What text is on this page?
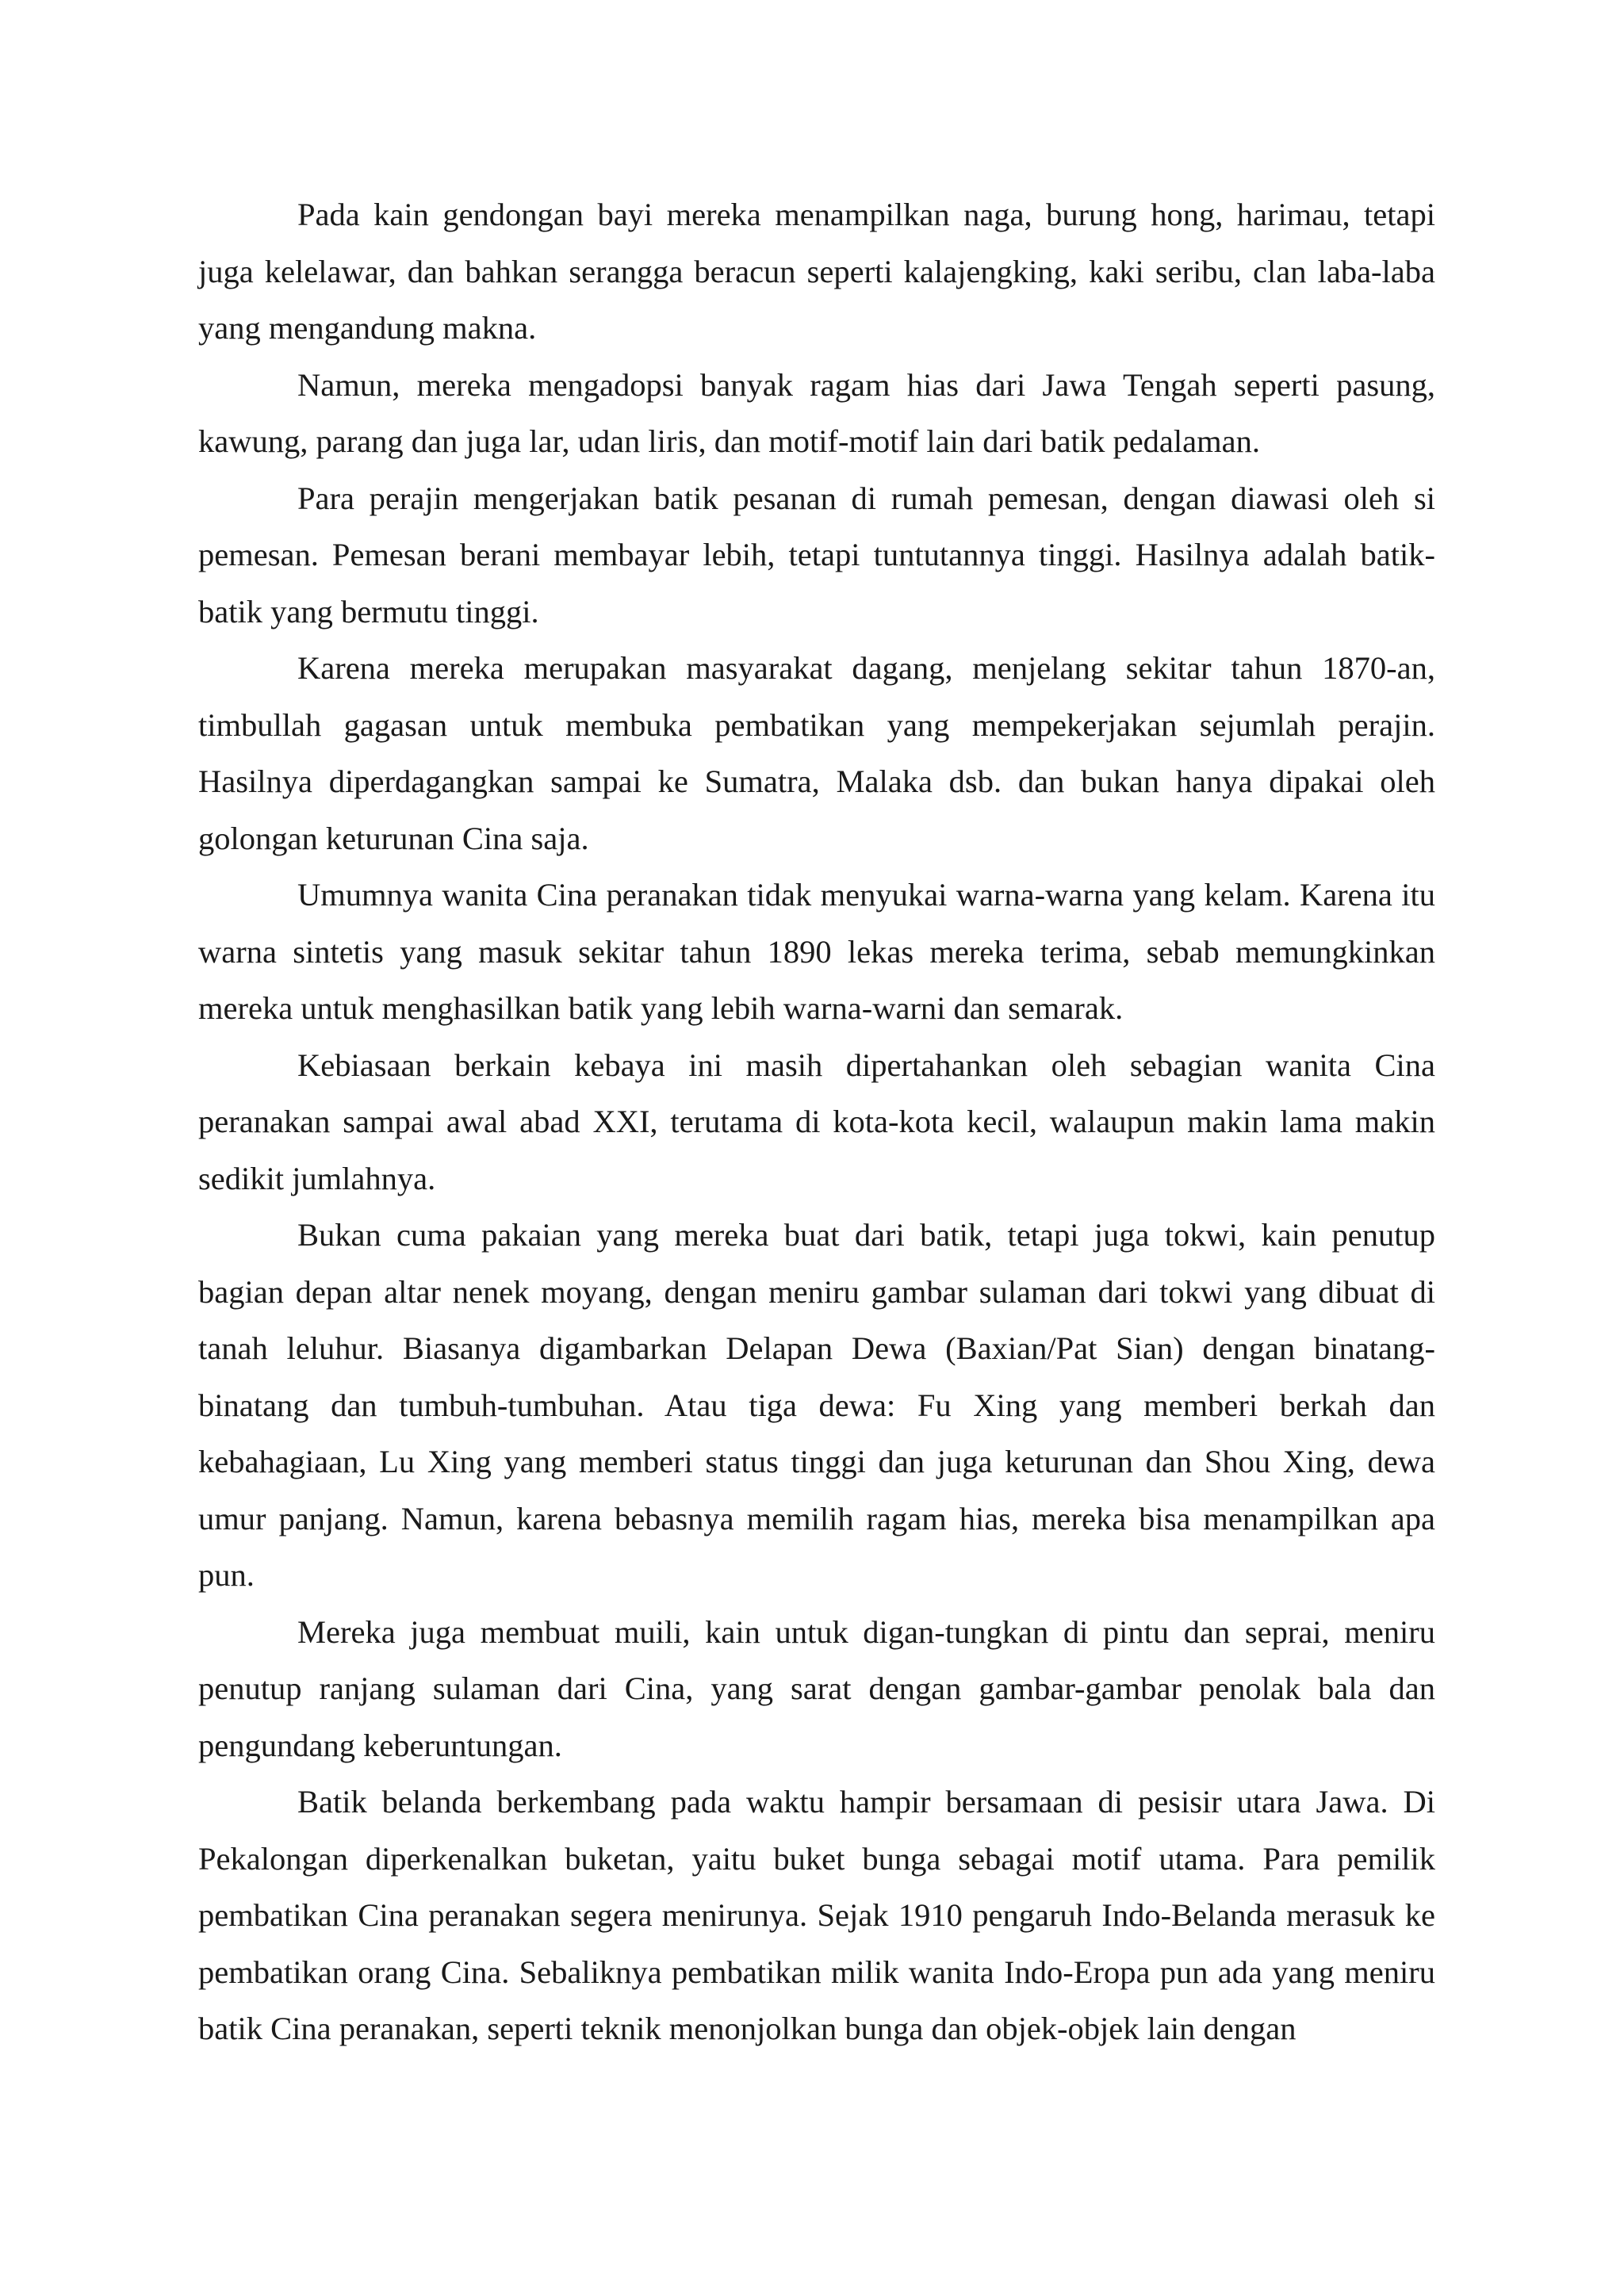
Pada kain gendongan bayi mereka menampilkan naga, burung hong, harimau, tetapi juga kelelawar, dan bahkan serangga beracun seperti kalajengking, kaki seribu, clan laba-laba yang mengandung makna.

Namun, mereka mengadopsi banyak ragam hias dari Jawa Tengah seperti pasung, kawung, parang dan juga lar, udan liris, dan motif-motif lain dari batik pedalaman.

Para perajin mengerjakan batik pesanan di rumah pemesan, dengan diawasi oleh si pemesan. Pemesan berani membayar lebih, tetapi tuntutannya tinggi. Hasilnya adalah batik-batik yang bermutu tinggi.

Karena mereka merupakan masyarakat dagang, menjelang sekitar tahun 1870-an, timbullah gagasan untuk membuka pembatikan yang mempekerjakan sejumlah perajin. Hasilnya diperdagangkan sampai ke Sumatra, Malaka dsb. dan bukan hanya dipakai oleh golongan keturunan Cina saja.

Umumnya wanita Cina peranakan tidak menyukai warna-warna yang kelam. Karena itu warna sintetis yang masuk sekitar tahun 1890 lekas mereka terima, sebab memungkinkan mereka untuk menghasilkan batik yang lebih warna-warni dan semarak.

Kebiasaan berkain kebaya ini masih dipertahankan oleh sebagian wanita Cina peranakan sampai awal abad XXI, terutama di kota-kota kecil, walaupun makin lama makin sedikit jumlahnya.

Bukan cuma pakaian yang mereka buat dari batik, tetapi juga tokwi, kain penutup bagian depan altar nenek moyang, dengan meniru gambar sulaman dari tokwi yang dibuat di tanah leluhur. Biasanya digambarkan Delapan Dewa (Baxian/Pat Sian) dengan binatang-binatang dan tumbuh-tumbuhan. Atau tiga dewa: Fu Xing yang memberi berkah dan kebahagiaan, Lu Xing yang memberi status tinggi dan juga keturunan dan Shou Xing, dewa umur panjang. Namun, karena bebasnya memilih ragam hias, mereka bisa menampilkan apa pun.

Mereka juga membuat muili, kain untuk digan-tungkan di pintu dan seprai, meniru penutup ranjang sulaman dari Cina, yang sarat dengan gambar-gambar penolak bala dan pengundang keberuntungan.

Batik belanda berkembang pada waktu hampir bersamaan di pesisir utara Jawa. Di Pekalongan diperkenalkan buketan, yaitu buket bunga sebagai motif utama. Para pemilik pembatikan Cina peranakan segera menirunya. Sejak 1910 pengaruh Indo-Belanda merasuk ke pembatikan orang Cina. Sebaliknya pembatikan milik wanita Indo-Eropa pun ada yang meniru batik Cina peranakan, seperti teknik menonjolkan bunga dan objek-objek lain dengan
